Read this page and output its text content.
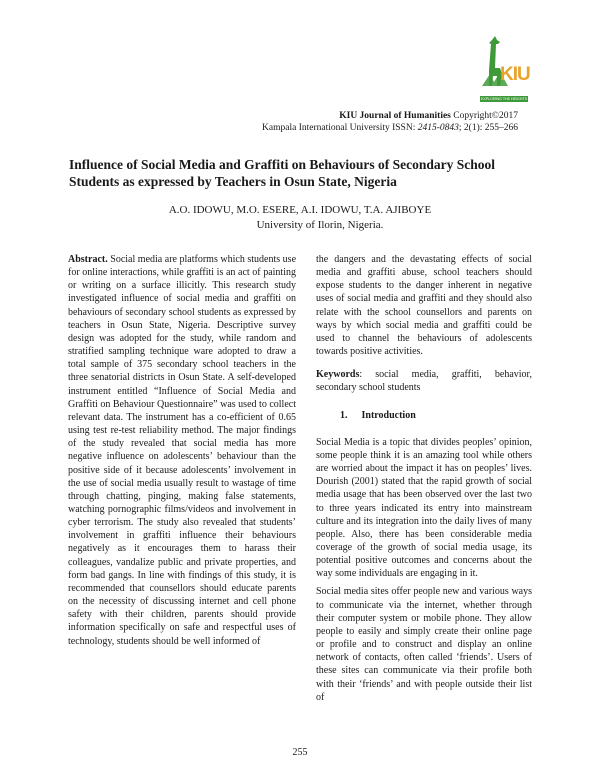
KIU
EXPLORING THE HEIGHTS
KIU Journal of Humanities Copyright©2017
Kampala International University ISSN: 2415-0843; 2(1): 255–266
Influence of Social Media and Graffiti on Behaviours of Secondary School Students as expressed by Teachers in Osun State, Nigeria
A.O. IDOWU, M.O. ESERE, A.I. IDOWU, T.A. AJIBOYE
University of Ilorin, Nigeria.

Abstract. Social media are platforms which students use for online interactions, while graffiti is an act of painting or writing on a surface illicitly. This research study investigated influence of social media and graffiti on behaviours of secondary school students as expressed by teachers in Osun State, Nigeria. Descriptive survey design was adopted for the study, while random and stratified sampling technique ware adopted to draw a total sample of 375 secondary school teachers in the three senatorial districts in Osun State. A self-developed instrument entitled “Influence of Social Media and Graffiti on Behaviour Questionnaire” was used to collect relevant data. The instrument has a co-efficient of 0.65 using test re-test reliability method. The major findings of the study revealed that social media has more negative influence on adolescents’ behaviour than the positive side of it because adolescents’ involvement in the use of social media usually result to wastage of time through chatting, pinging, making false statements, watching pornographic films/videos and involvement in cyber terrorism. The study also revealed that students’ involvement in graffiti influence their behaviours negatively as it encourages them to harass their colleagues, vandalize public and private properties, and form bad gangs. In line with findings of this study, it is recommended that counsellors should educate parents on the necessity of discussing internet and cell phone safety with their children, parents should provide information specifically on safe and respectful uses of technology, students should be well informed of

the dangers and the devastating effects of social media and graffiti abuse, school teachers should expose students to the danger inherent in negative uses of social media and graffiti and they should also relate with the school counsellors and parents on ways by which social media and graffiti could be used to channel the behaviours of adolescents towards positive activities.

Keywords: social media, graffiti, behavior, secondary school students

1. Introduction

Social Media is a topic that divides peoples’ opinion, some people think it is an amazing tool while others are worried about the impact it has on peoples’ lives. Dourish (2001) stated that the rapid growth of social media usage that has been observed over the last two to three years indicated its entry into mainstream culture and its integration into the daily lives of many people. Also, there has been considerable media coverage of the growth of social media usage, its potential positive outcomes and concerns about the way some individuals are engaging in it.

Social media sites offer people new and various ways to communicate via the internet, whether through their computer system or mobile phone. They allow people to easily and simply create their online page or profile and to construct and display an online network of contacts, often called ‘friends’. Users of these sites can communicate via their profile both with their ‘friends’ and with people outside their list of

255
